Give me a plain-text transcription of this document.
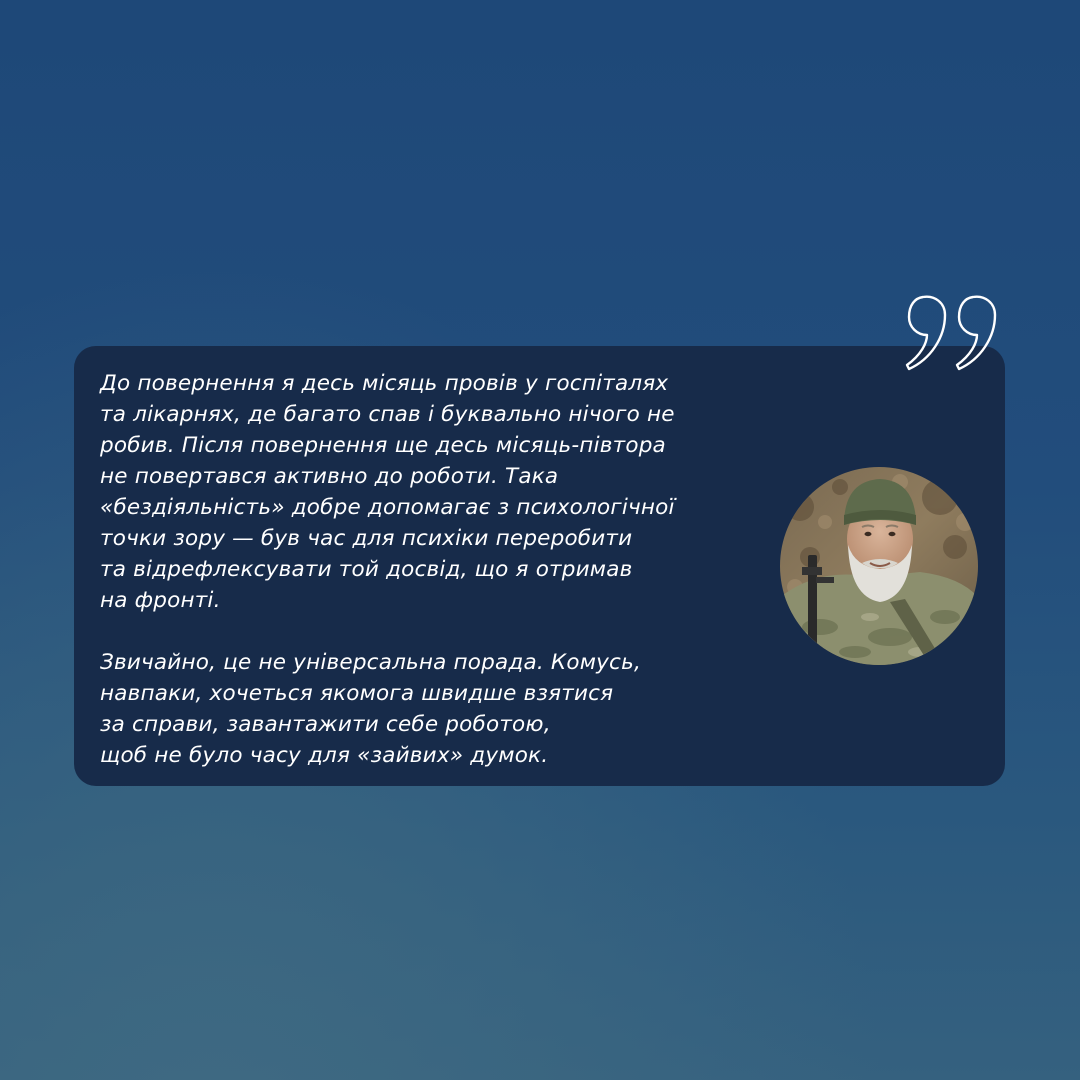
До повернення я десь місяць провів у госпіталях
та лікарнях, де багато спав і буквально нічого не
робив. Після повернення ще десь місяць-півтора
не повертався активно до роботи. Така
«бездіяльність» добре допомагає з психологічної
точки зору — був час для психіки переробити
та відрефлексувати той досвід, що я отримав
на фронті.

Звичайно, це не універсальна порада. Комусь,
навпаки, хочеться якомога швидше взятися
за справи, завантажити себе роботою,
щоб не було часу для «зайвих» думок.
